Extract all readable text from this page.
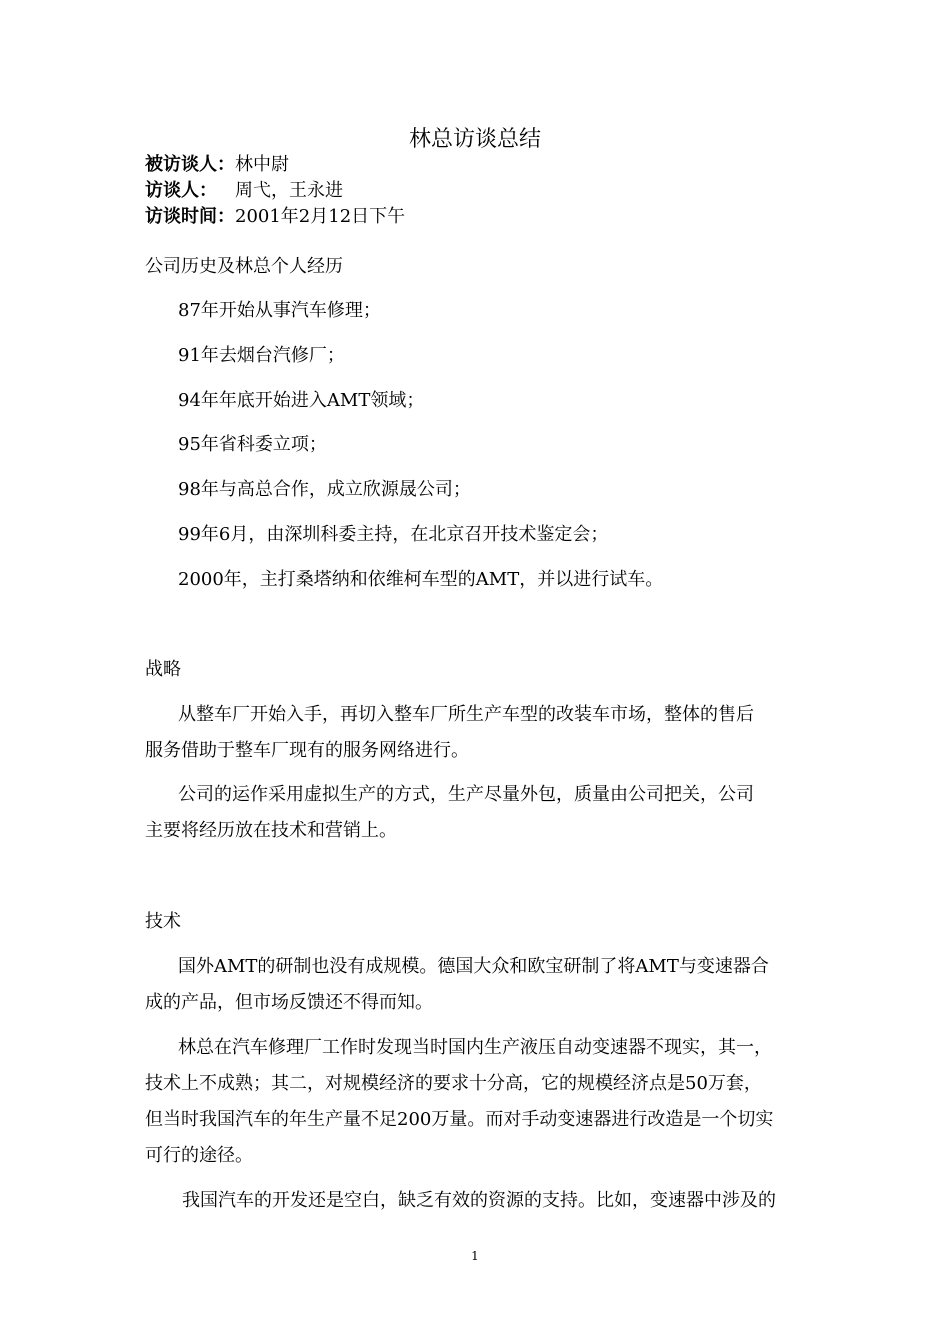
林总访谈总结
被访谈人：林中尉
访谈人： 周弋，王永进
访谈时间：2001年2月12日下午
公司历史及林总个人经历
87年开始从事汽车修理；
91年去烟台汽修厂；
94年年底开始进入AMT领域；
95年省科委立项；
98年与高总合作，成立欣源晟公司；
99年6月，由深圳科委主持，在北京召开技术鉴定会；
2000年，主打桑塔纳和依维柯车型的AMT，并以进行试车。
战略
从整车厂开始入手，再切入整车厂所生产车型的改装车市场，整体的售后
服务借助于整车厂现有的服务网络进行。
公司的运作采用虚拟生产的方式，生产尽量外包，质量由公司把关，公司
主要将经历放在技术和营销上。
技术
国外AMT的研制也没有成规模。德国大众和欧宝研制了将AMT与变速器合
成的产品，但市场反馈还不得而知。
林总在汽车修理厂工作时发现当时国内生产液压自动变速器不现实，其一，
技术上不成熟；其二，对规模经济的要求十分高，它的规模经济点是50万套，
但当时我国汽车的年生产量不足200万量。而对手动变速器进行改造是一个切实
可行的途径。
我国汽车的开发还是空白，缺乏有效的资源的支持。比如，变速器中涉及的
1
